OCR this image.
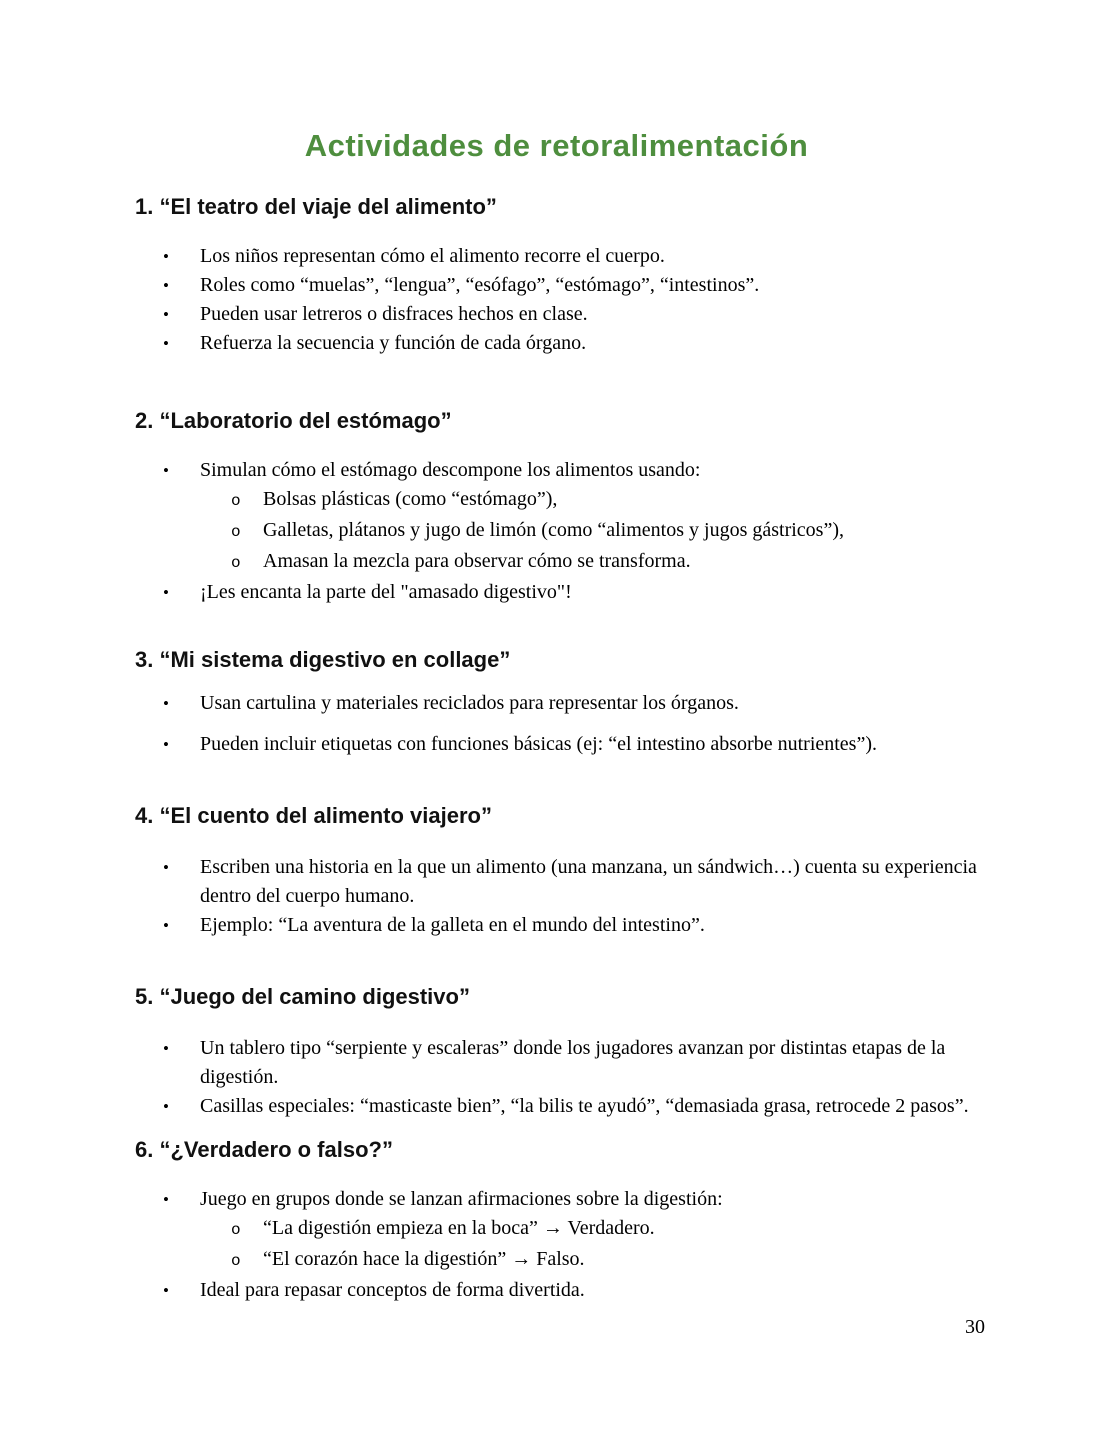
Actividades de retoralimentación
1. “El teatro del viaje del alimento”
•	Los niños representan cómo el alimento recorre el cuerpo.
•	Roles como “muelas”, “lengua”, “esófago”, “estómago”, “intestinos”.
•	Pueden usar letreros o disfraces hechos en clase.
•	Refuerza la secuencia y función de cada órgano.
2. “Laboratorio del estómago”
•	Simulan cómo el estómago descompone los alimentos usando:
o	Bolsas plásticas (como “estómago”),
o	Galletas, plátanos y jugo de limón (como “alimentos y jugos gástricos”),
o	Amasan la mezcla para observar cómo se transforma.
•	¡Les encanta la parte del "amasado digestivo"!
3. “Mi sistema digestivo en collage”
•	Usan cartulina y materiales reciclados para representar los órganos.
•	Pueden incluir etiquetas con funciones básicas (ej: “el intestino absorbe nutrientes”).
4. “El cuento del alimento viajero”
•	Escriben una historia en la que un alimento (una manzana, un sándwich…) cuenta su experiencia dentro del cuerpo humano.
•	Ejemplo: “La aventura de la galleta en el mundo del intestino”.
5. “Juego del camino digestivo”
•	Un tablero tipo “serpiente y escaleras” donde los jugadores avanzan por distintas etapas de la digestión.
•	Casillas especiales: “masticaste bien”, “la bilis te ayudó”, “demasiada grasa, retrocede 2 pasos”.
6. “¿Verdadero o falso?”
•	Juego en grupos donde se lanzan afirmaciones sobre la digestión:
o	“La digestión empieza en la boca” → Verdadero.
o	“El corazón hace la digestión” → Falso.
•	Ideal para repasar conceptos de forma divertida.
30
